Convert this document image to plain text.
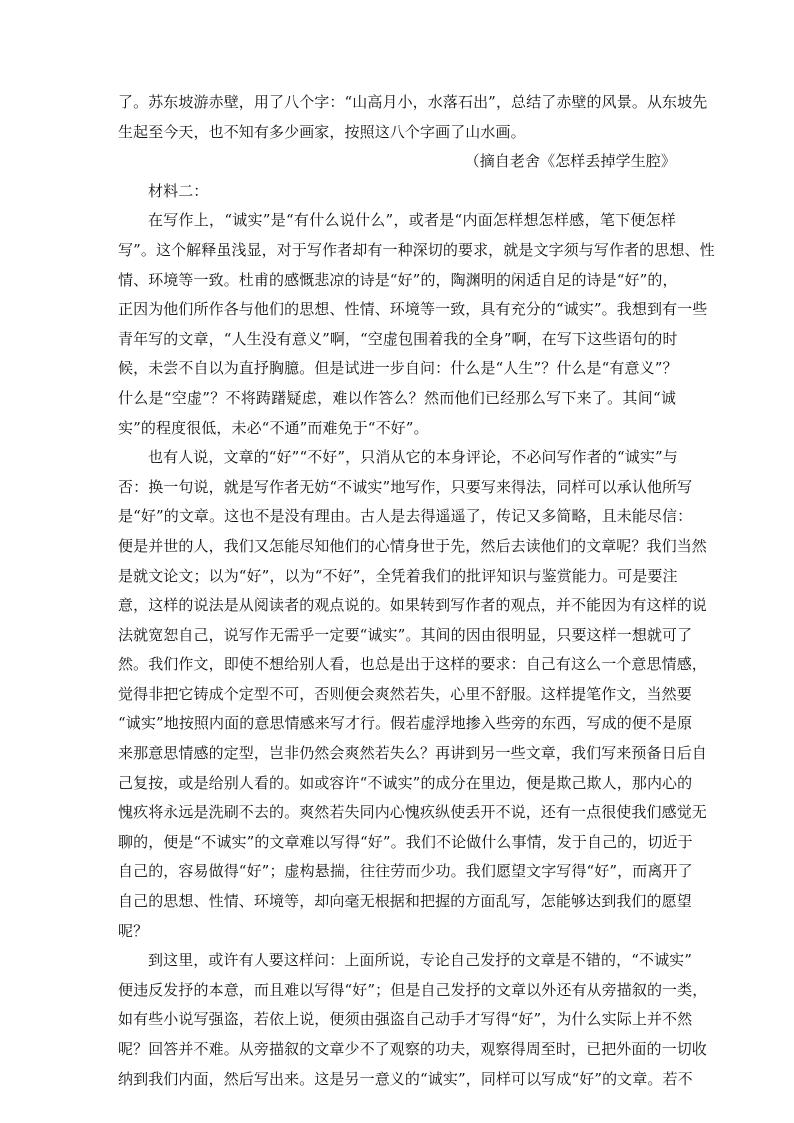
了。苏东坡游赤壁，用了八个字：“山高月小，水落石出”，总结了赤壁的风景。从东坡先
生起至今天，也不知有多少画家，按照这八个字画了山水画。
（摘自老舍《怎样丢掉学生腔》
材料二：
在写作上，“诚实”是“有什么说什么”，或者是“内面怎样想怎样感，笔下便怎样
写”。这个解释虽浅显，对于写作者却有一种深切的要求，就是文字须与写作者的思想、性
情、环境等一致。杜甫的感慨悲凉的诗是“好”的，陶渊明的闲适自足的诗是“好”的，
正因为他们所作各与他们的思想、性情、环境等一致，具有充分的“诚实”。我想到有一些
青年写的文章，“人生没有意义”啊，“空虚包围着我的全身”啊，在写下这些语句的时
候，未尝不自以为直抒胸臆。但是试进一步自问：什么是“人生”？什么是“有意义”？
什么是“空虚”？不将踌躇疑虑，难以作答么？然而他们已经那么写下来了。其间“诚
实”的程度很低，未必“不通”而难免于“不好”。
也有人说，文章的“好”“不好”，只消从它的本身评论，不必问写作者的“诚实”与
否：换一句说，就是写作者无妨“不诚实”地写作，只要写来得法，同样可以承认他所写
是“好”的文章。这也不是没有理由。古人是去得遥遥了，传记又多简略，且未能尽信：
便是并世的人，我们又怎能尽知他们的心情身世于先，然后去读他们的文章呢？我们当然
是就文论文；以为“好”，以为“不好”，全凭着我们的批评知识与鉴赏能力。可是要注
意，这样的说法是从阅读者的观点说的。如果转到写作者的观点，并不能因为有这样的说
法就宽恕自己，说写作无需乎一定要“诚实”。其间的因由很明显，只要这样一想就可了
然。我们作文，即使不想给别人看，也总是出于这样的要求：自己有这么一个意思情感，
觉得非把它铸成个定型不可，否则便会爽然若失，心里不舒服。这样提笔作文，当然要
“诚实”地按照内面的意思情感来写才行。假若虚浮地掺入些旁的东西，写成的便不是原
来那意思情感的定型，岂非仍然会爽然若失么？再讲到另一些文章，我们写来预备日后自
己复按，或是给别人看的。如或容许“不诚实”的成分在里边，便是欺己欺人，那内心的
愧疚将永远是洗刷不去的。爽然若失同内心愧疚纵使丢开不说，还有一点很使我们感觉无
聊的，便是“不诚实”的文章难以写得“好”。我们不论做什么事情，发于自己的，切近于
自己的，容易做得“好”；虚构悬揣，往往劳而少功。我们愿望文字写得“好”，而离开了
自己的思想、性情、环境等，却向毫无根据和把握的方面乱写，怎能够达到我们的愿望
呢？
到这里，或许有人要这样问：上面所说，专论自己发抒的文章是不错的，“不诚实”
便违反发抒的本意，而且难以写得“好”；但是自己发抒的文章以外还有从旁描叙的一类，
如有些小说写强盗，若依上说，便须由强盗自己动手才写得“好”，为什么实际上并不然
呢？回答并不难。从旁描叙的文章少不了观察的功夫，观察得周至时，已把外面的一切收
纳到我们内面，然后写出来。这是另一意义的“诚实”，同样可以写成“好”的文章。若不
